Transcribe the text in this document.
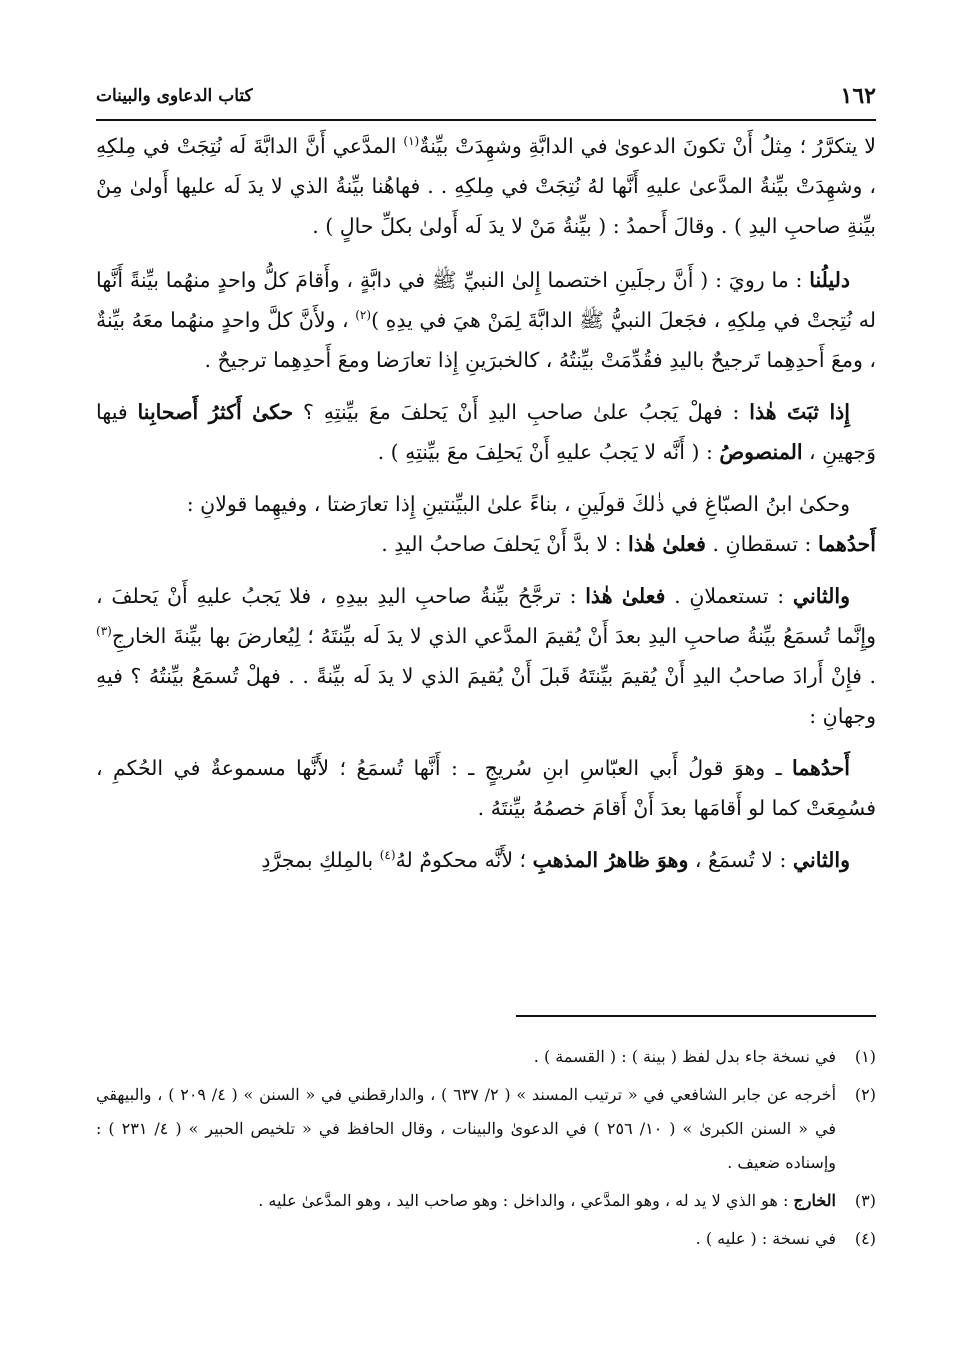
١٦٢
كتاب الدعاوى والبينات

لا يتكرَّرُ ؛ مِثلُ أَنْ تكونَ الدعوىٰ في الدابَّةِ وشهِدَتْ بيِّنةٌ$^{(١)}$ المدَّعي أَنَّ الدابَّةَ لَه نُتِجَتْ في مِلكِهِ ، وشهِدَتْ بيِّنةُ المدَّعىٰ عليهِ أَنَّها لهُ نُتِجَتْ في مِلكِهِ . . فهاهُنا بيِّنةُ الذي لا يدَ لَه عليها أَولىٰ مِنْ بيِّنةِ صاحبِ اليدِ ) . وقالَ أَحمدُ : ( بيِّنةُ مَنْ لا يدَ لَه أَولىٰ بكلِّ حالٍ ) .

دليلُنا : ما رويَ : ( أَنَّ رجلَينِ اختصما إِلىٰ النبيِّ ﷺ في دابَّةٍ ، وأَقامَ كلُّ واحدٍ منهُما بيِّنةً أَنَّها له نُتِجتْ في مِلكِهِ ، فجَعلَ النبيُّ ﷺ الدابَّةَ لِمَنْ هيَ في يدِهِ )$^{(٢)}$ ، ولأَنَّ كلَّ واحدٍ منهُما معَهُ بيِّنةٌ ، ومعَ أَحدِهِما تَرجيحٌ باليدِ فقُدِّمَتْ بيِّنتُهُ ، كالخبرَينِ إِذا تعارَضا ومعَ أَحدِهِما ترجيحٌ .

إِذا ثبَتَ هٰذا : فهلْ يَجبُ علىٰ صاحبِ اليدِ أَنْ يَحلفَ معَ بيِّنتِهِ ؟ حكىٰ أَكثرُ أَصحابِنا فيها وَجهينِ ، المنصوصُ : ( أَنَّه لا يَجبُ عليهِ أَنْ يَحلِفَ معَ بيِّنتِهِ ) .

وحكىٰ ابنُ الصبّاغِ في ذٰلكَ قولَينِ ، بناءً علىٰ البيِّنتينِ إِذا تعارَضتا ، وفيهِما قولانِ :
أَحدُهما : تسقطانِ . فعلىٰ هٰذا : لا بدَّ أَنْ يَحلفَ صاحبُ اليدِ .

والثاني : تستعملانِ . فعلىٰ هٰذا : ترجَّحُ بيِّنةُ صاحبِ اليدِ بيدِهِ ، فلا يَجبُ عليهِ أَنْ يَحلفَ ، وإِنَّما تُسمَعُ بيِّنةُ صاحبِ اليدِ بعدَ أَنْ يُقيمَ المدَّعي الذي لا يدَ لَه بيِّنتَهُ ؛ لِيُعارضَ بها بيِّنةَ الخارجِ$^{(٣)}$ . فإِنْ أَرادَ صاحبُ اليدِ أَنْ يُقيمَ بيِّنتَهُ قَبلَ أَنْ يُقيمَ الذي لا يدَ لَه بيِّنةً . . فهلْ تُسمَعُ بيِّنتُهُ ؟ فيهِ وجهانِ :

أَحدُهما ـ وهوَ قولُ أَبي العبّاسِ ابنِ سُريجٍ ـ : أَنَّها تُسمَعُ ؛ لأَنَّها مسموعةٌ في الحُكمِ ، فسُمِعَتْ كما لو أَقامَها بعدَ أَنْ أَقامَ خصمُهُ بيِّنتَهُ .

والثاني : لا تُسمَعُ ، وهوَ ظاهرُ المذهبِ ؛ لأَنَّه محكومٌ لهُ$^{(٤)}$ بالمِلكِ بمجرَّدِ

(١)
في نسخة جاء بدل لفظ ( بينة ) : ( القسمة ) .
(٢)
أخرجه عن جابر الشافعي في « ترتيب المسند » ( ٢/ ٦٣٧ ) ، والدارقطني في « السنن » ( ٤/ ٢٠٩ ) ، والبيهقي في « السنن الكبرىٰ » ( ١٠/ ٢٥٦ ) في الدعوىٰ والبينات ، وقال الحافظ في « تلخيص الحبير » ( ٤/ ٢٣١ ) : وإسناده ضعيف .
(٣)
الخارج : هو الذي لا يد له ، وهو المدَّعي ، والداخل : وهو صاحب اليد ، وهو المدَّعىٰ عليه .
(٤)
في نسخة : ( عليه ) .
